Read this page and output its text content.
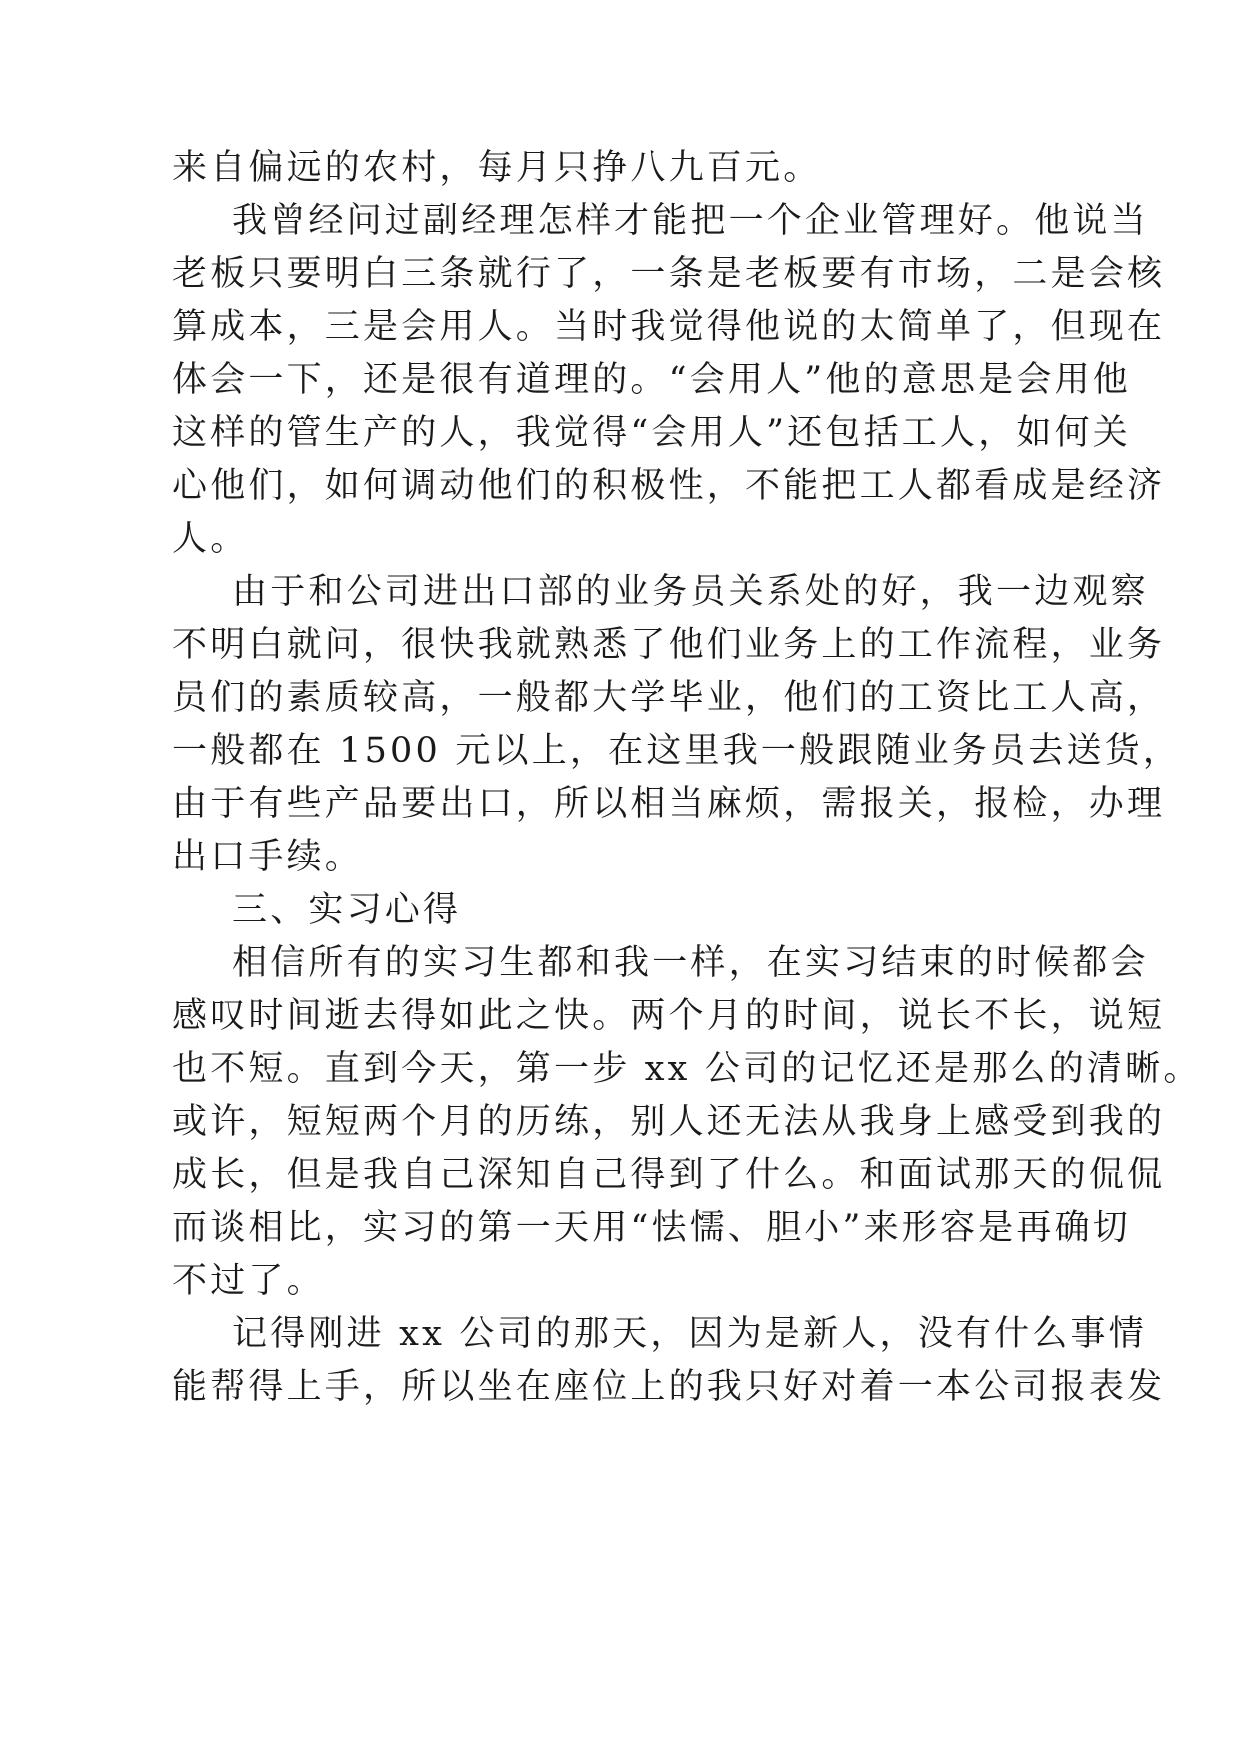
来自偏远的农村，每月只挣八九百元。

我曾经问过副经理怎样才能把一个企业管理好。他说当

老板只要明白三条就行了，一条是老板要有市场，二是会核

算成本，三是会用人。当时我觉得他说的太简单了，但现在

体会一下，还是很有道理的。“会用人”他的意思是会用他

这样的管生产的人，我觉得“会用人”还包括工人，如何关

心他们，如何调动他们的积极性，不能把工人都看成是经济

人。

由于和公司进出口部的业务员关系处的好，我一边观察

不明白就问，很快我就熟悉了他们业务上的工作流程，业务

员们的素质较高，一般都大学毕业，他们的工资比工人高，

一般都在 1500 元以上，在这里我一般跟随业务员去送货，

由于有些产品要出口，所以相当麻烦，需报关，报检，办理

出口手续。

三、实习心得

相信所有的实习生都和我一样，在实习结束的时候都会

感叹时间逝去得如此之快。两个月的时间，说长不长，说短

也不短。直到今天，第一步 xx 公司的记忆还是那么的清晰。

或许，短短两个月的历练，别人还无法从我身上感受到我的

成长，但是我自己深知自己得到了什么。和面试那天的侃侃

而谈相比，实习的第一天用“怯懦、胆小”来形容是再确切

不过了。

记得刚进 xx 公司的那天，因为是新人，没有什么事情

能帮得上手，所以坐在座位上的我只好对着一本公司报表发
